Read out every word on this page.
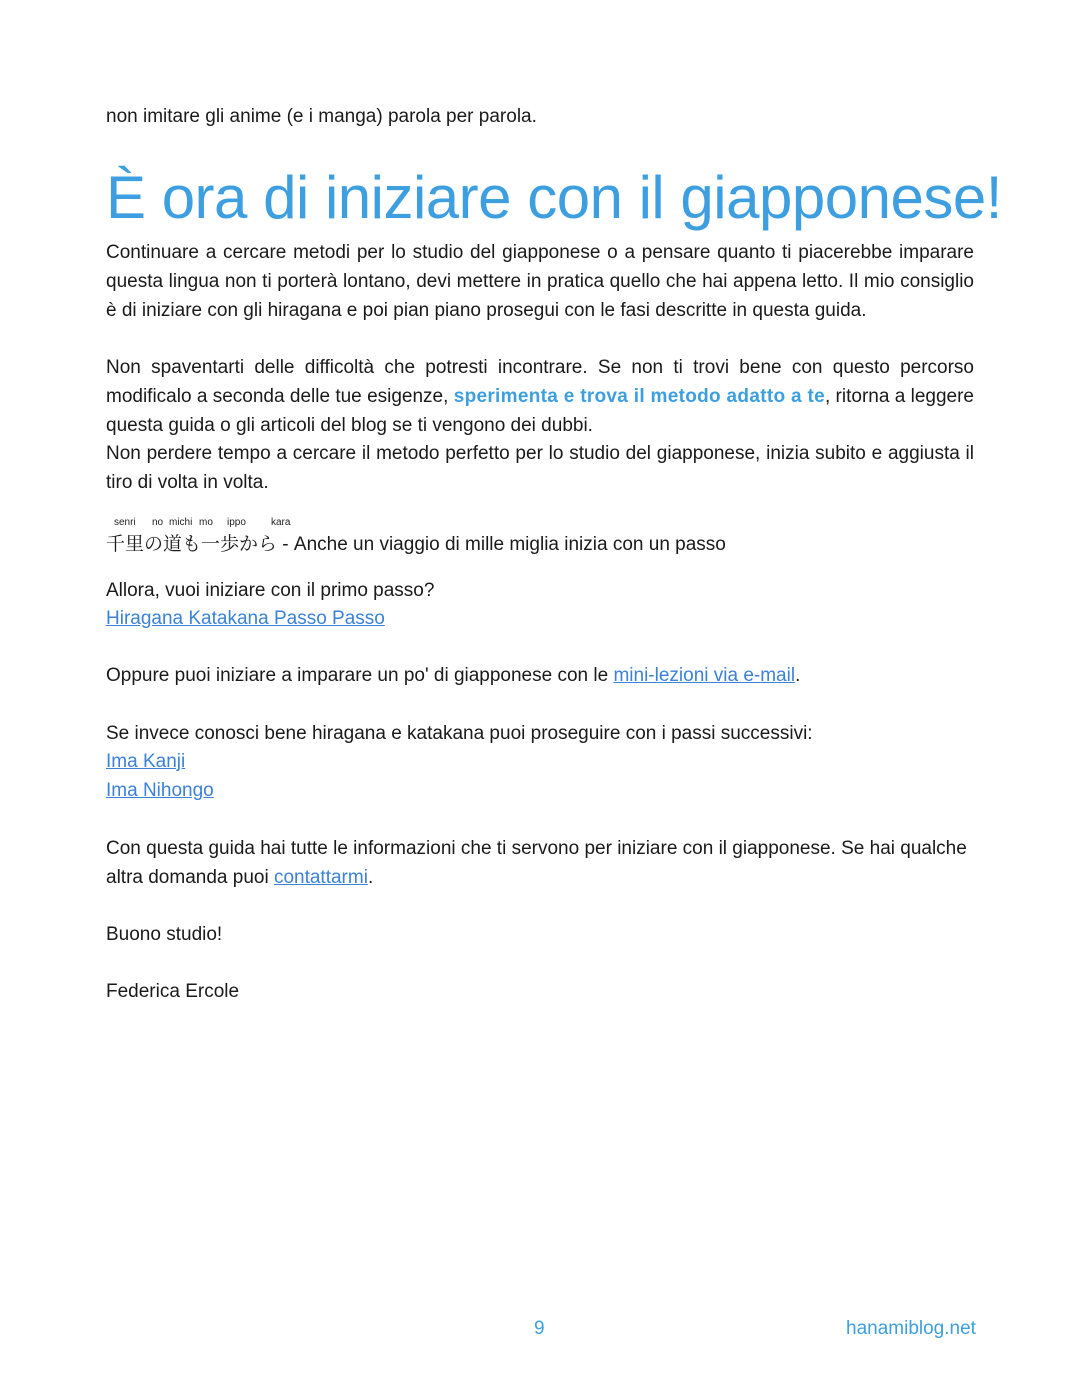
non imitare gli anime (e i manga) parola per parola.

È ora di iniziare con il giapponese!

Continuare a cercare metodi per lo studio del giapponese o a pensare quanto ti piacerebbe imparare questa lingua non ti porterà lontano, devi mettere in pratica quello che hai appena letto. Il mio consiglio è di iniziare con gli hiragana e poi pian piano prosegui con le fasi descritte in questa guida.

Non spaventarti delle difficoltà che potresti incontrare. Se non ti trovi bene con questo percorso modificalo a seconda delle tue esigenze, sperimenta e trova il metodo adatto a te, ritorna a leggere questa guida o gli articoli del blog se ti vengono dei dubbi.

Non perdere tempo a cercare il metodo perfetto per lo studio del giapponese, inizia subito e aggiusta il tiro di volta in volta.

senri no michi mo ippo	kara

千里の道も一歩から - Anche un viaggio di mille miglia inizia con un passo

Allora, vuoi iniziare con il primo passo?

Hiragana Katakana Passo Passo

Oppure puoi iniziare a imparare un po' di giapponese con le mini-lezioni via e-mail.

Se invece conosci bene hiragana e katakana puoi proseguire con i passi successivi:

Ima Kanji

Ima Nihongo

Con questa guida hai tutte le informazioni che ti servono per iniziare con il giapponese. Se hai qualche altra domanda puoi contattarmi.

Buono studio!

Federica Ercole

9	hanamiblog.net
